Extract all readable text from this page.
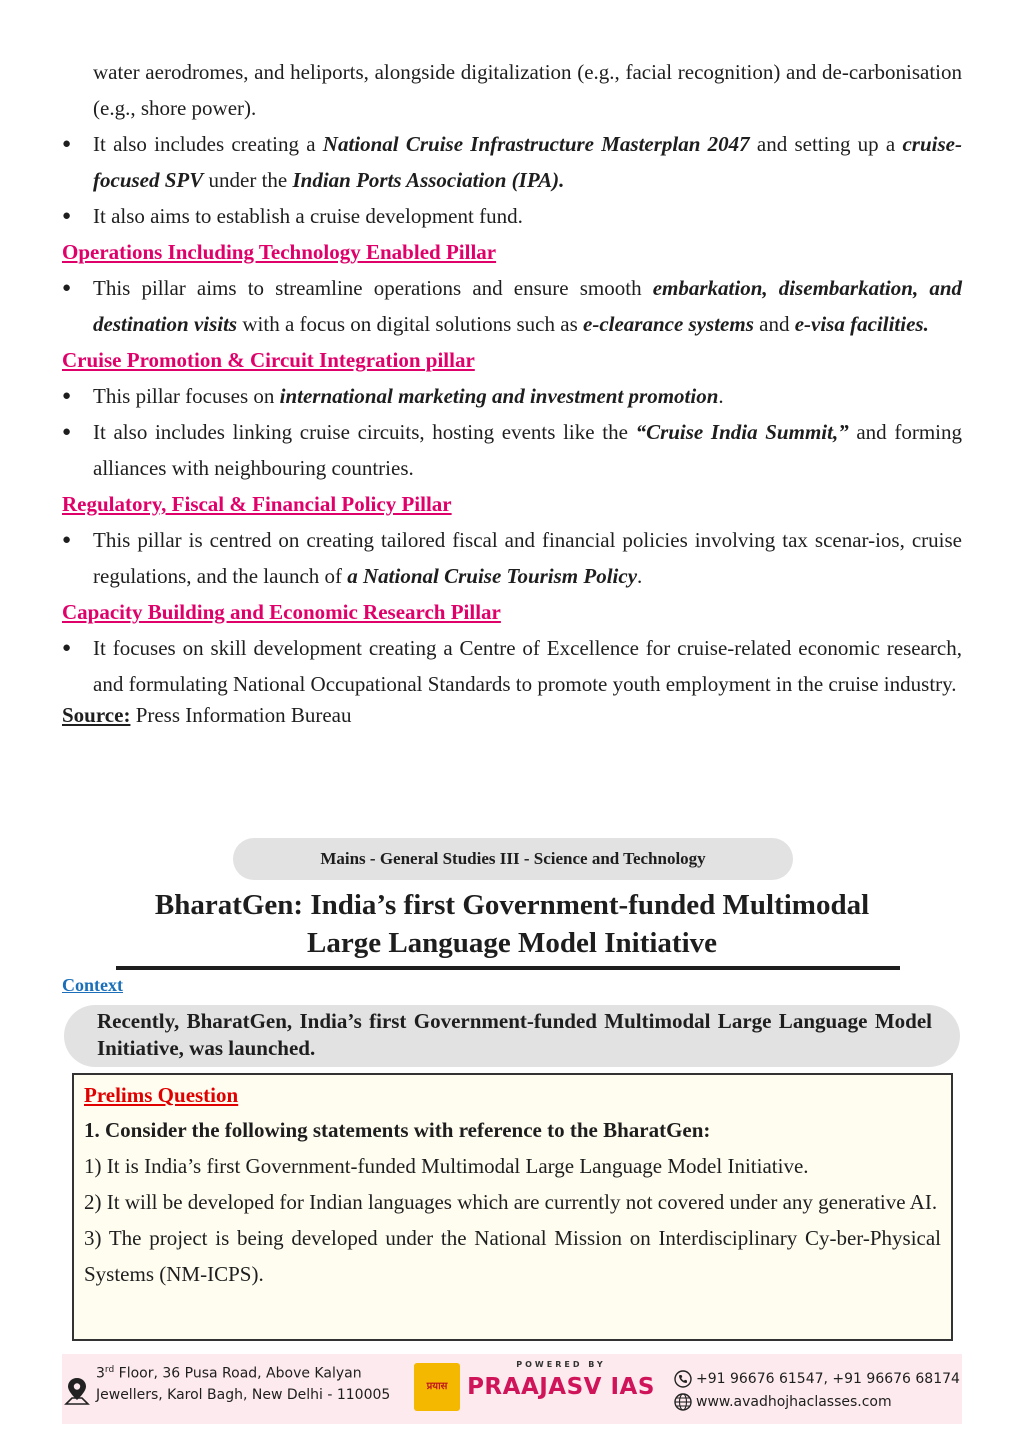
water aerodromes, and heliports, alongside digitalization (e.g., facial recognition) and de-carbonisation (e.g., shore power).

● It also includes creating a National Cruise Infrastructure Masterplan 2047 and setting up a cruise-focused SPV under the Indian Ports Association (IPA).

● It also aims to establish a cruise development fund.

Operations Including Technology Enabled Pillar

● This pillar aims to streamline operations and ensure smooth embarkation, disembarkation, and destination visits with a focus on digital solutions such as e-clearance systems and e-visa facilities.

Cruise Promotion & Circuit Integration pillar

● This pillar focuses on international marketing and investment promotion.

● It also includes linking cruise circuits, hosting events like the “Cruise India Summit,” and forming alliances with neighbouring countries.

Regulatory, Fiscal & Financial Policy Pillar

● This pillar is centred on creating tailored fiscal and financial policies involving tax scenar-ios, cruise regulations, and the launch of a National Cruise Tourism Policy.

Capacity Building and Economic Research Pillar

● It focuses on skill development creating a Centre of Excellence for cruise-related economic research, and formulating National Occupational Standards to promote youth employment in the cruise industry.

Source: Press Information Bureau

Mains - General Studies III - Science and Technology
BharatGen: India’s first Government-funded Multimodal
Large Language Model Initiative
Context

Recently, BharatGen, India’s first Government-funded Multimodal Large Language Model Initiative, was launched.

Prelims Question

1. Consider the following statements with reference to the BharatGen:

1) It is India’s first Government-funded Multimodal Large Language Model Initiative.

2) It will be developed for Indian languages which are currently not covered under any generative AI.

3) The project is being developed under the National Mission on Interdisciplinary Cy-ber-Physical Systems (NM-ICPS).

3rd Floor, 36 Pusa Road, Above Kalyan
Jewellers, Karol Bagh, New Delhi - 110005
प्रयास
POWERED BY
PRAAJASV IAS	+91 96676 61547, +91 96676 68174
www.avadhojhaclasses.com
